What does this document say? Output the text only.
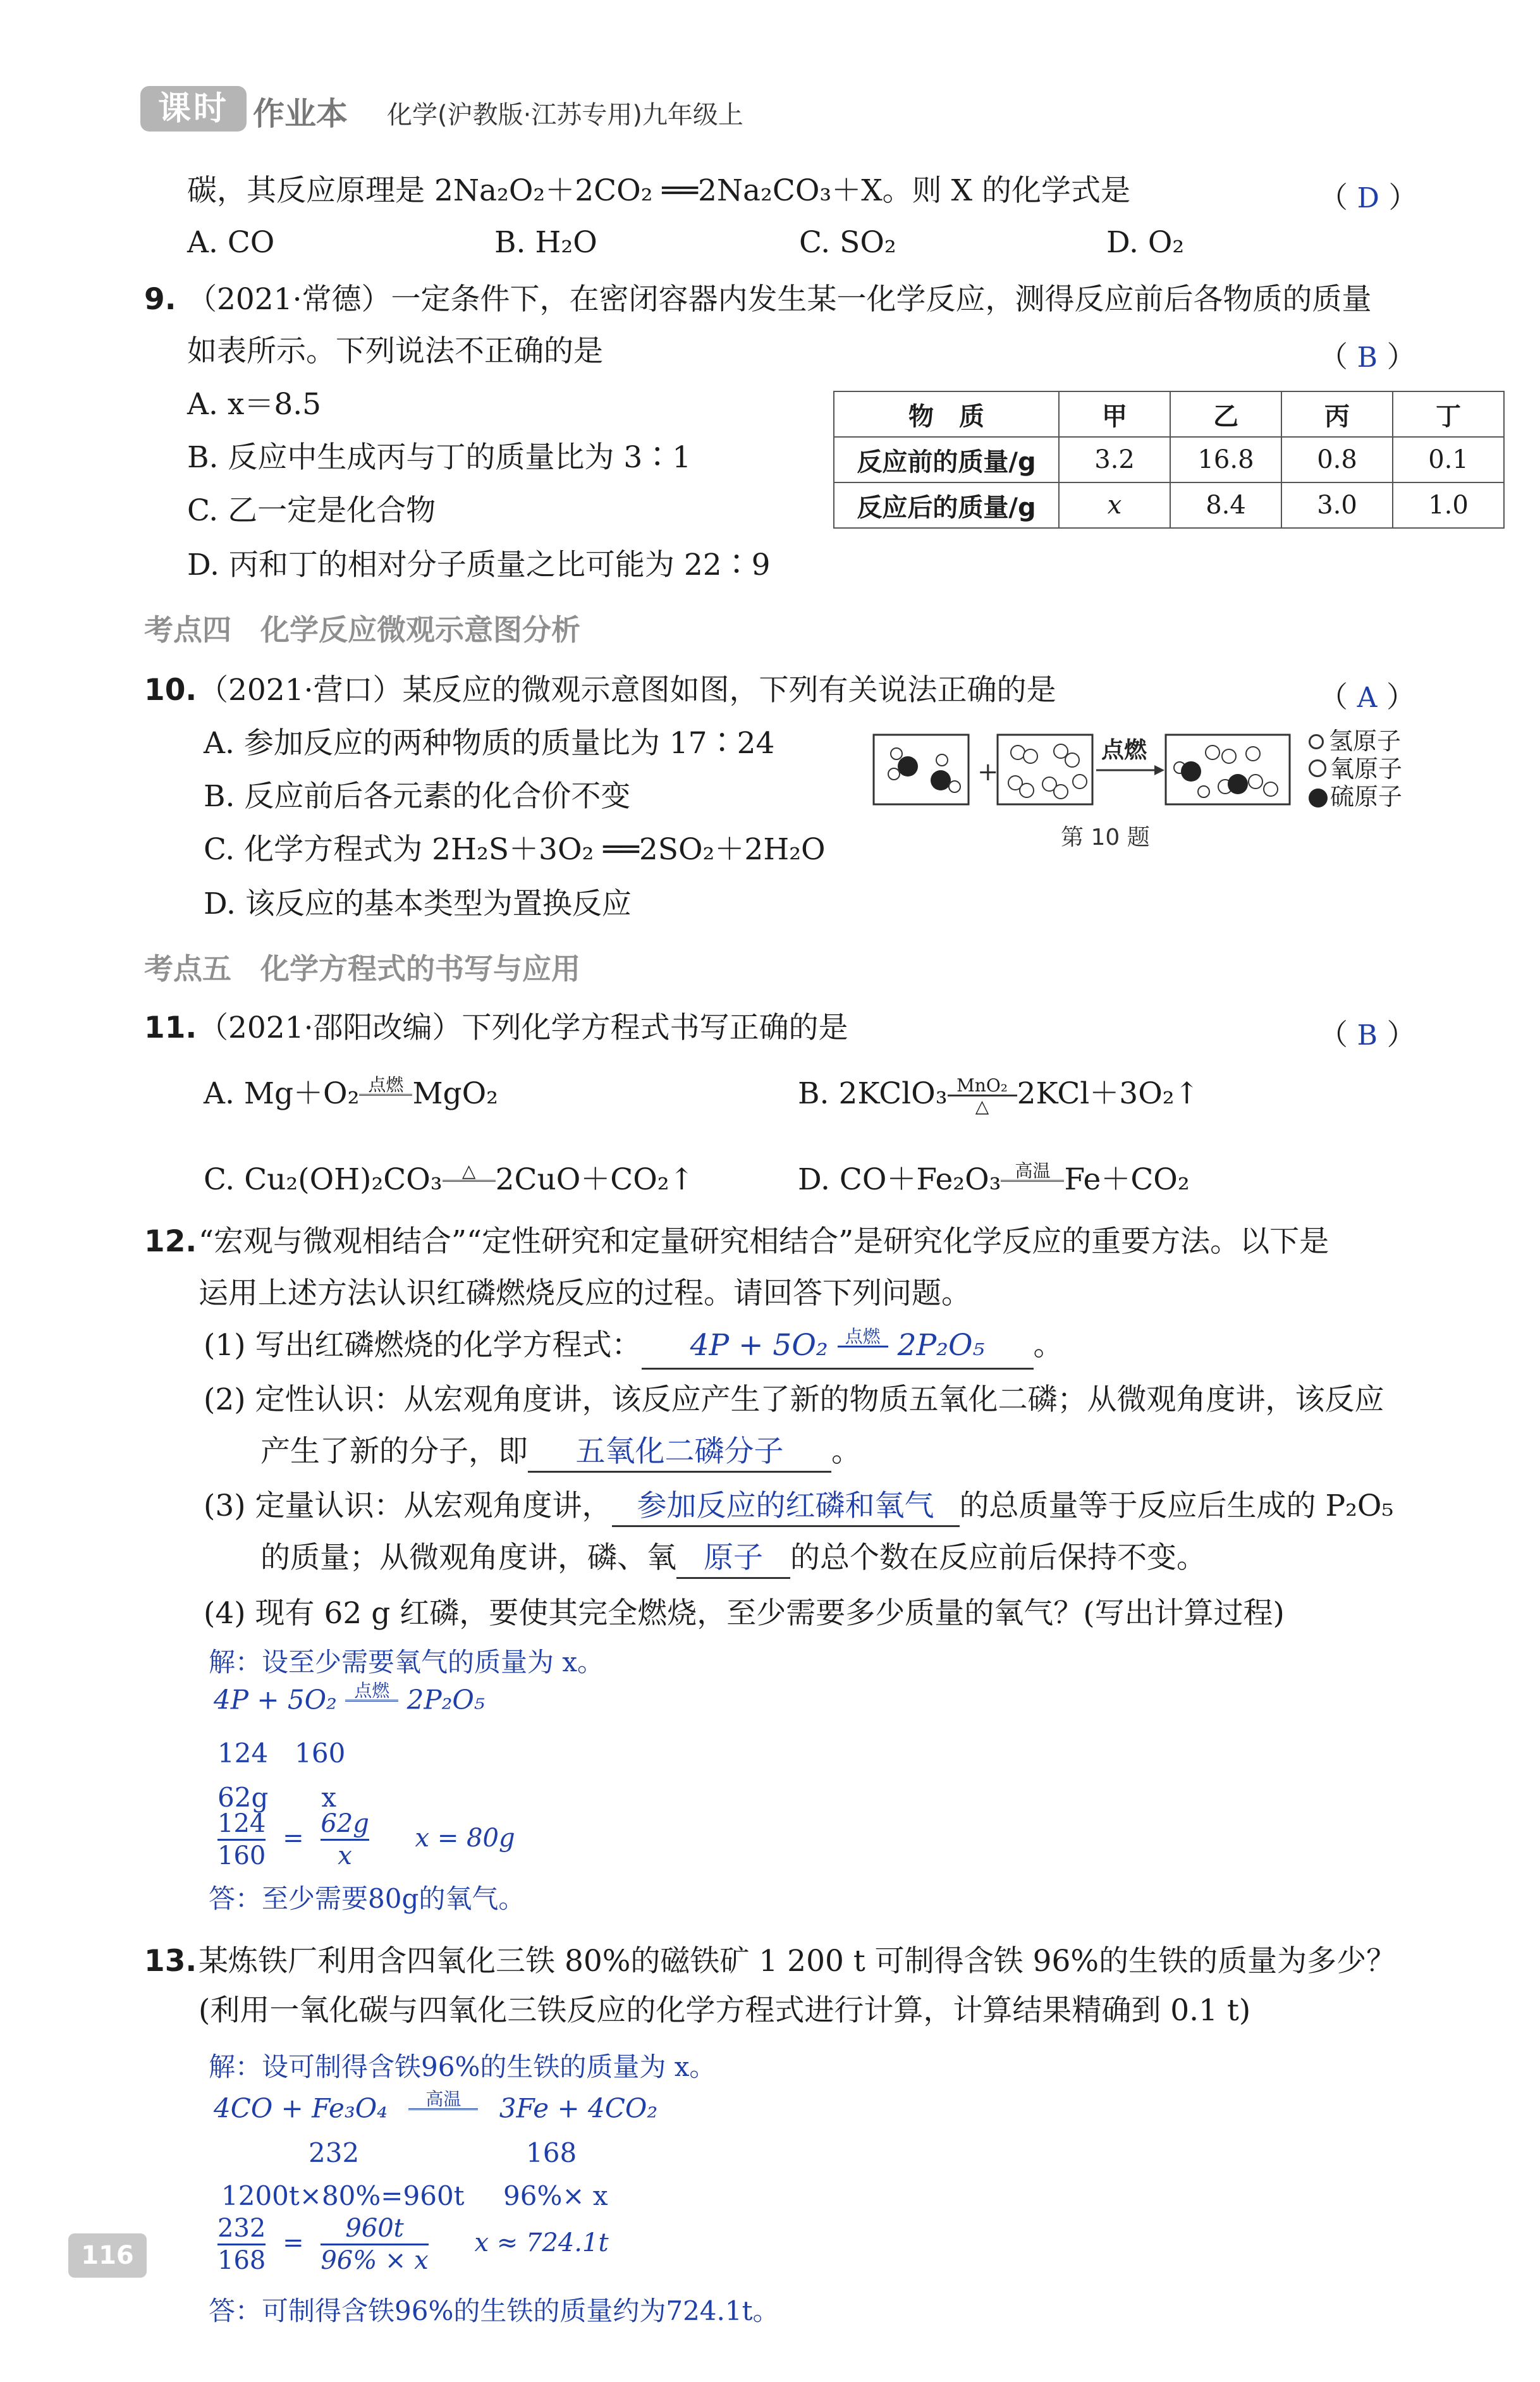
课时 作业本 化学(沪教版·江苏专用)九年级上
碳，其反应原理是 2Na₂O₂＋2CO₂ ══2Na₂CO₃＋X。则 X 的化学式是	（ D ）
A. CO	B. H₂O	C. SO₂	D. O₂
9. （2021·常德）一定条件下，在密闭容器内发生某一化学反应，测得反应前后各物质的质量
如表所示。下列说法不正确的是	（ B ）
A. x＝8.5
B. 反应中生成丙与丁的质量比为 3∶1
C. 乙一定是化合物
D. 丙和丁的相对分子质量之比可能为 22∶9
物　质	甲	乙	丙	丁
反应前的质量/g	3.2	16.8	0.8	0.1
反应后的质量/g	x	8.4	3.0	1.0
考点四　化学反应微观示意图分析
10. （2021·营口）某反应的微观示意图如图，下列有关说法正确的是	（ A ）
A. 参加反应的两种物质的质量比为 17∶24
B. 反应前后各元素的化合价不变
C. 化学方程式为 2H₂S＋3O₂ ══2SO₂＋2H₂O
D. 该反应的基本类型为置换反应
+
点燃
第 10 题
氢原子
氧原子
硫原子
考点五　化学方程式的书写与应用
11. （2021·邵阳改编）下列化学方程式书写正确的是	（ B ）
A. Mg＋O₂ 点燃
MgO₂	B. 2KClO₃ MnO₂
△ 2KCl＋3O₂↑
C. Cu₂(OH)₂CO₃	△
2CuO＋CO₂↑	D. CO＋Fe₂O₃ 高温
Fe＋CO₂
12. “宏观与微观相结合”“定性研究和定量研究相结合”是研究化学反应的重要方法。以下是
运用上述方法认识红磷燃烧反应的过程。请回答下列问题。
(1) 写出红磷燃烧的化学方程式： 4P + 5O₂ 点燃
2P₂O₅ 。
(2) 定性认识：从宏观角度讲，该反应产生了新的物质五氧化二磷；从微观角度讲，该反应
产生了新的分子，即 五氧化二磷分子 。
(3) 定量认识：从宏观角度讲， 参加反应的红磷和氧气 的总质量等于反应后生成的 P₂O₅
的质量；从微观角度讲，磷、氧 原子 的总个数在反应前后保持不变。
(4) 现有 62 g 红磷，要使其完全燃烧，至少需要多少质量的氧气？(写出计算过程)
解：设至少需要氧气的质量为 x。
4P + 5O₂ 点燃
2P₂O₅
124　160
62g　　x
$\frac{124}{160} = \frac{62g}{x}$ x = 80g
答：至少需要80g的氧气。
13. 某炼铁厂利用含四氧化三铁 80%的磁铁矿 1 200 t 可制得含铁 96%的生铁的质量为多少？
(利用一氧化碳与四氧化三铁反应的化学方程式进行计算，计算结果精确到 0.1 t)
解：设可制得含铁96%的生铁的质量为 x。
4CO + Fe₃O₄	高温
	3Fe + 4CO₂
232	168
1200t×80%=960t 96%× x
$\frac{232}{168} = \frac{960t}{96\% \times x}$ x ≈ 724.1t
答：可制得含铁96%的生铁的质量约为724.1t。
116
